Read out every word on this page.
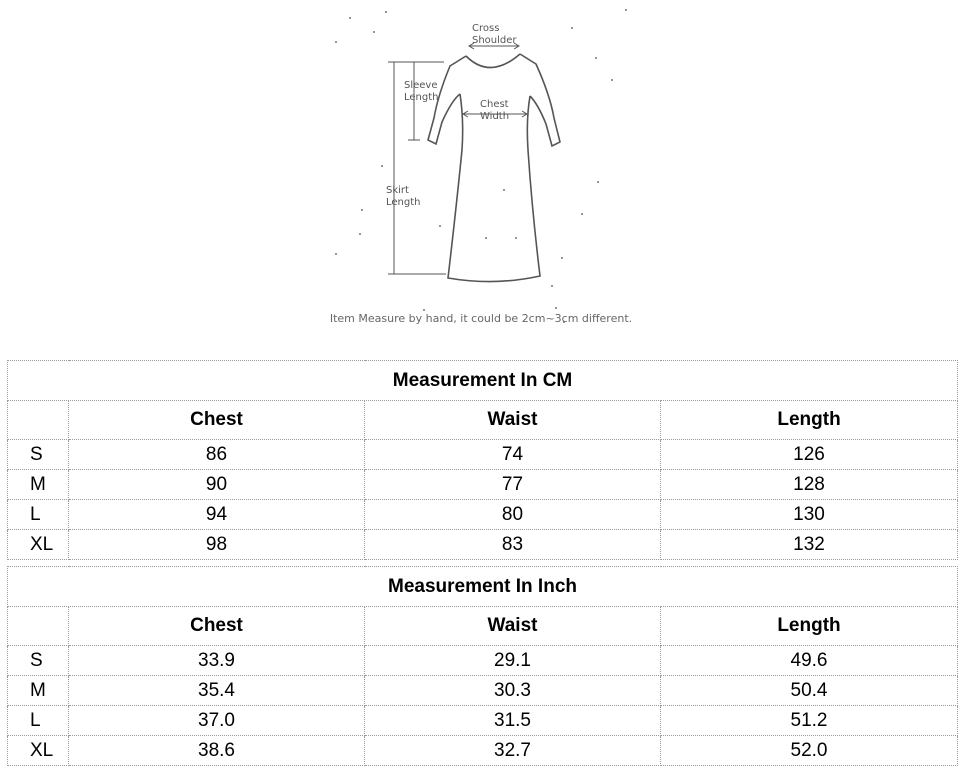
Cross
Shoulder
Sleeve
Length
Chest
Width
Skirt
Length
Item Measure by hand, it could be 2cm~3cm different.
Measurement In CM			
	Chest	Waist	Length
S	86	74	126
M	90	77	128
L	94	80	130
XL	98	83	132
Measurement In Inch			
	Chest	Waist	Length
S	33.9	29.1	49.6
M	35.4	30.3	50.4
L	37.0	31.5	51.2
XL	38.6	32.7	52.0
